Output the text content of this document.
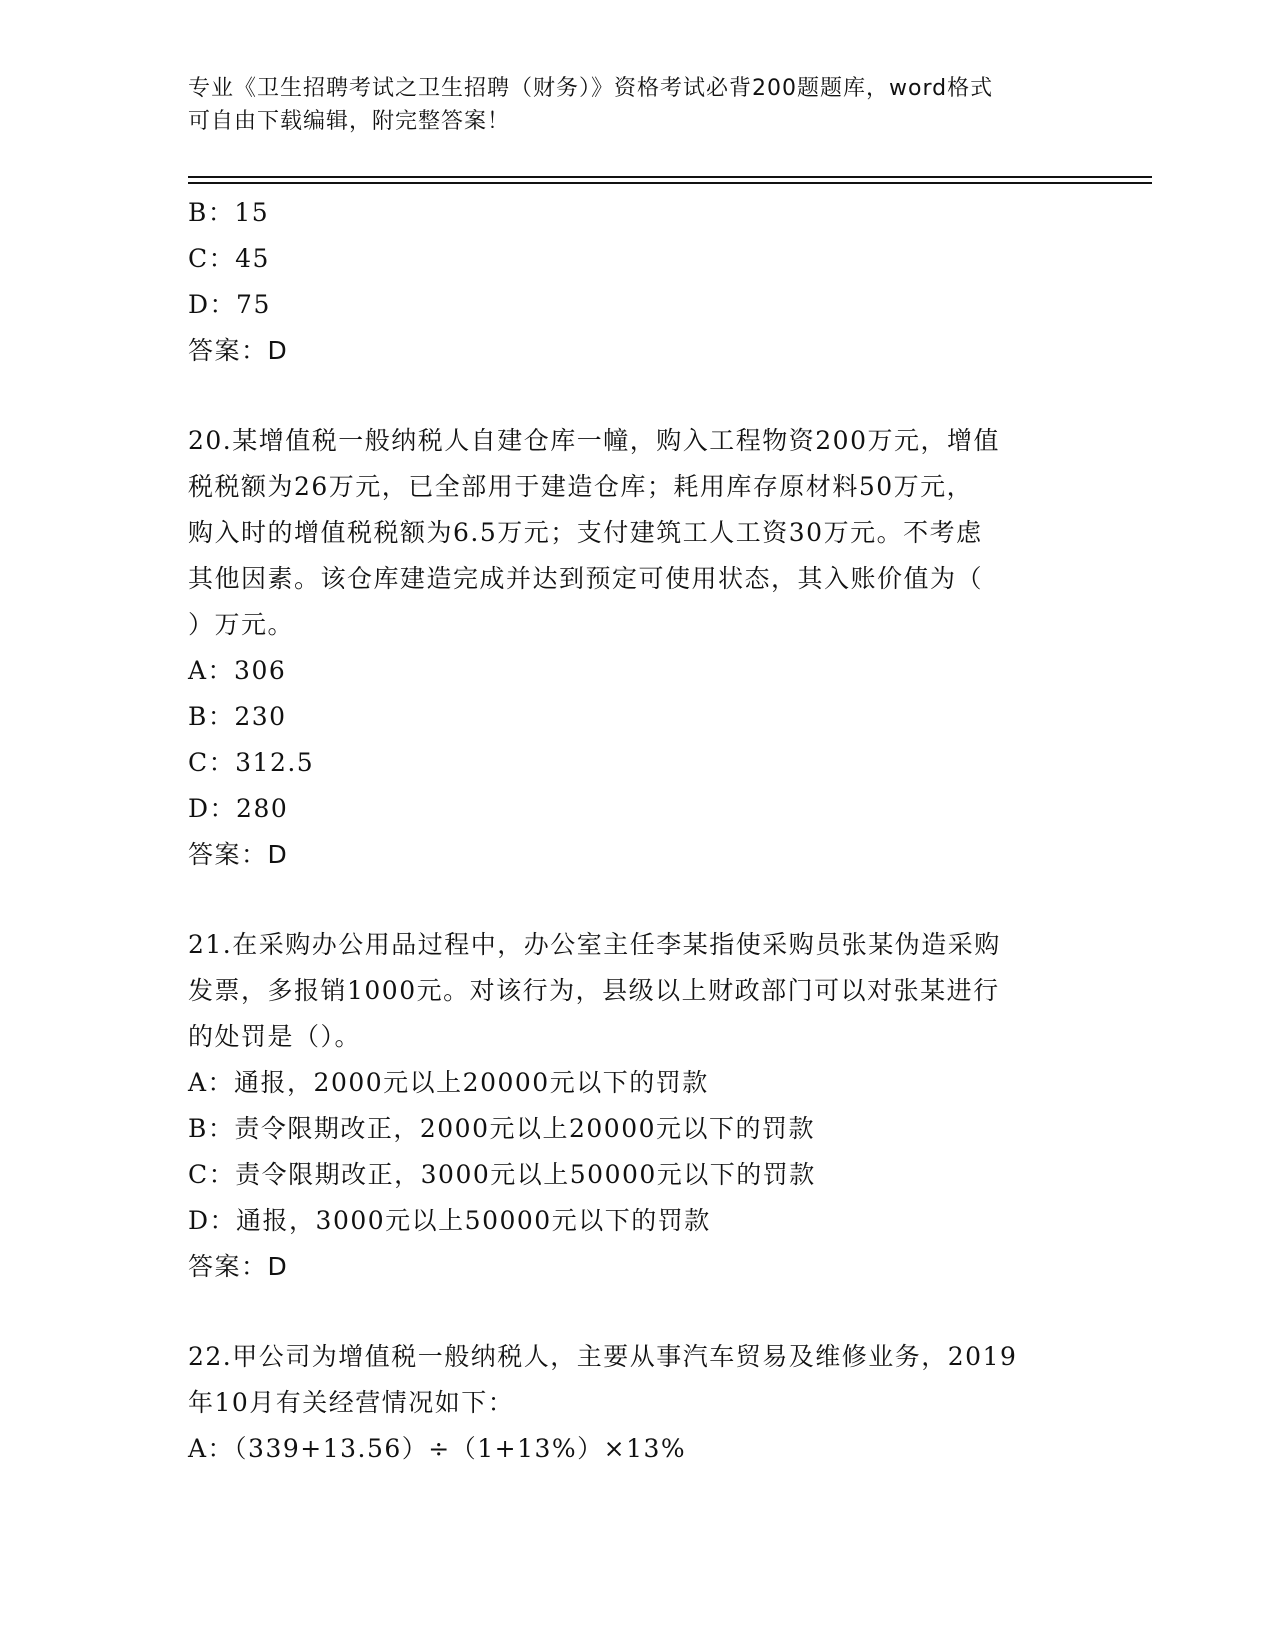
专业《卫生招聘考试之卫生招聘（财务）》资格考试必背200题题库，word格式
可自由下载编辑，附完整答案！
B：15
C：45
D：75
答案：D
20.某增值税一般纳税人自建仓库一幢，购入工程物资200万元，增值
税税额为26万元，已全部用于建造仓库；耗用库存原材料50万元，
购入时的增值税税额为6.5万元；支付建筑工人工资30万元。不考虑
其他因素。该仓库建造完成并达到预定可使用状态，其入账价值为（
）万元。
A：306
B：230
C：312.5
D：280
答案：D
21.在采购办公用品过程中，办公室主任李某指使采购员张某伪造采购
发票，多报销1000元。对该行为，县级以上财政部门可以对张某进行
的处罚是（）。
A：通报，2000元以上20000元以下的罚款
B：责令限期改正，2000元以上20000元以下的罚款
C：责令限期改正，3000元以上50000元以下的罚款
D：通报，3000元以上50000元以下的罚款
答案：D
22.甲公司为增值税一般纳税人，主要从事汽车贸易及维修业务，2019
年10月有关经营情况如下：
A：（339+13.56）÷（1+13%）×13%
